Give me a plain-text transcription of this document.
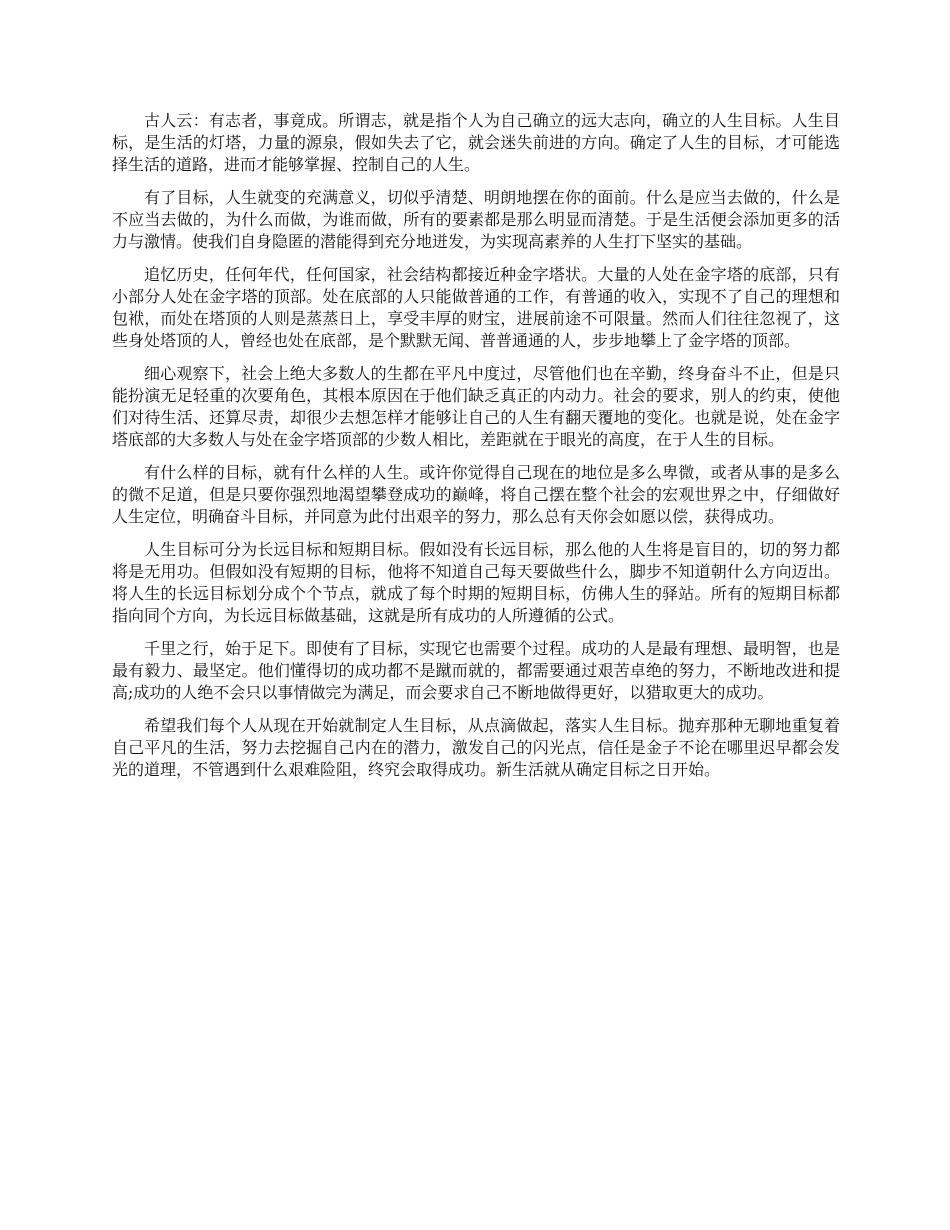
古人云：有志者，事竟成。所谓志，就是指个人为自己确立的远大志向，确立的人生目标。人生目标，是生活的灯塔，力量的源泉，假如失去了它，就会迷失前进的方向。确定了人生的目标，才可能选择生活的道路，进而才能够掌握、控制自己的人生。

有了目标，人生就变的充满意义，切似乎清楚、明朗地摆在你的面前。什么是应当去做的，什么是不应当去做的，为什么而做，为谁而做，所有的要素都是那么明显而清楚。于是生活便会添加更多的活力与激情。使我们自身隐匿的潜能得到充分地迸发，为实现高素养的人生打下坚实的基础。

追忆历史，任何年代，任何国家，社会结构都接近种金字塔状。大量的人处在金字塔的底部，只有小部分人处在金字塔的顶部。处在底部的人只能做普通的工作，有普通的收入，实现不了自己的理想和包袱，而处在塔顶的人则是蒸蒸日上，享受丰厚的财宝，进展前途不可限量。然而人们往往忽视了，这些身处塔顶的人，曾经也处在底部，是个默默无闻、普普通通的人，步步地攀上了金字塔的顶部。

细心观察下，社会上绝大多数人的生都在平凡中度过，尽管他们也在辛勤，终身奋斗不止，但是只能扮演无足轻重的次要角色，其根本原因在于他们缺乏真正的内动力。社会的要求，别人的约束，使他们对待生活、还算尽责，却很少去想怎样才能够让自己的人生有翻天覆地的变化。也就是说，处在金字塔底部的大多数人与处在金字塔顶部的少数人相比，差距就在于眼光的高度，在于人生的目标。

有什么样的目标，就有什么样的人生。或许你觉得自己现在的地位是多么卑微，或者从事的是多么的微不足道，但是只要你强烈地渴望攀登成功的巅峰，将自己摆在整个社会的宏观世界之中，仔细做好人生定位，明确奋斗目标，并同意为此付出艰辛的努力，那么总有天你会如愿以偿，获得成功。

人生目标可分为长远目标和短期目标。假如没有长远目标，那么他的人生将是盲目的，切的努力都将是无用功。但假如没有短期的目标，他将不知道自己每天要做些什么，脚步不知道朝什么方向迈出。将人生的长远目标划分成个个节点，就成了每个时期的短期目标，仿佛人生的驿站。所有的短期目标都指向同个方向，为长远目标做基础，这就是所有成功的人所遵循的公式。

千里之行，始于足下。即使有了目标，实现它也需要个过程。成功的人是最有理想、最明智，也是最有毅力、最坚定。他们懂得切的成功都不是蹴而就的，都需要通过艰苦卓绝的努力，不断地改进和提高;成功的人绝不会只以事情做完为满足，而会要求自己不断地做得更好，以猎取更大的成功。

希望我们每个人从现在开始就制定人生目标，从点滴做起，落实人生目标。抛弃那种无聊地重复着自己平凡的生活，努力去挖掘自己内在的潜力，激发自己的闪光点，信任是金子不论在哪里迟早都会发光的道理，不管遇到什么艰难险阻，终究会取得成功。新生活就从确定目标之日开始。
